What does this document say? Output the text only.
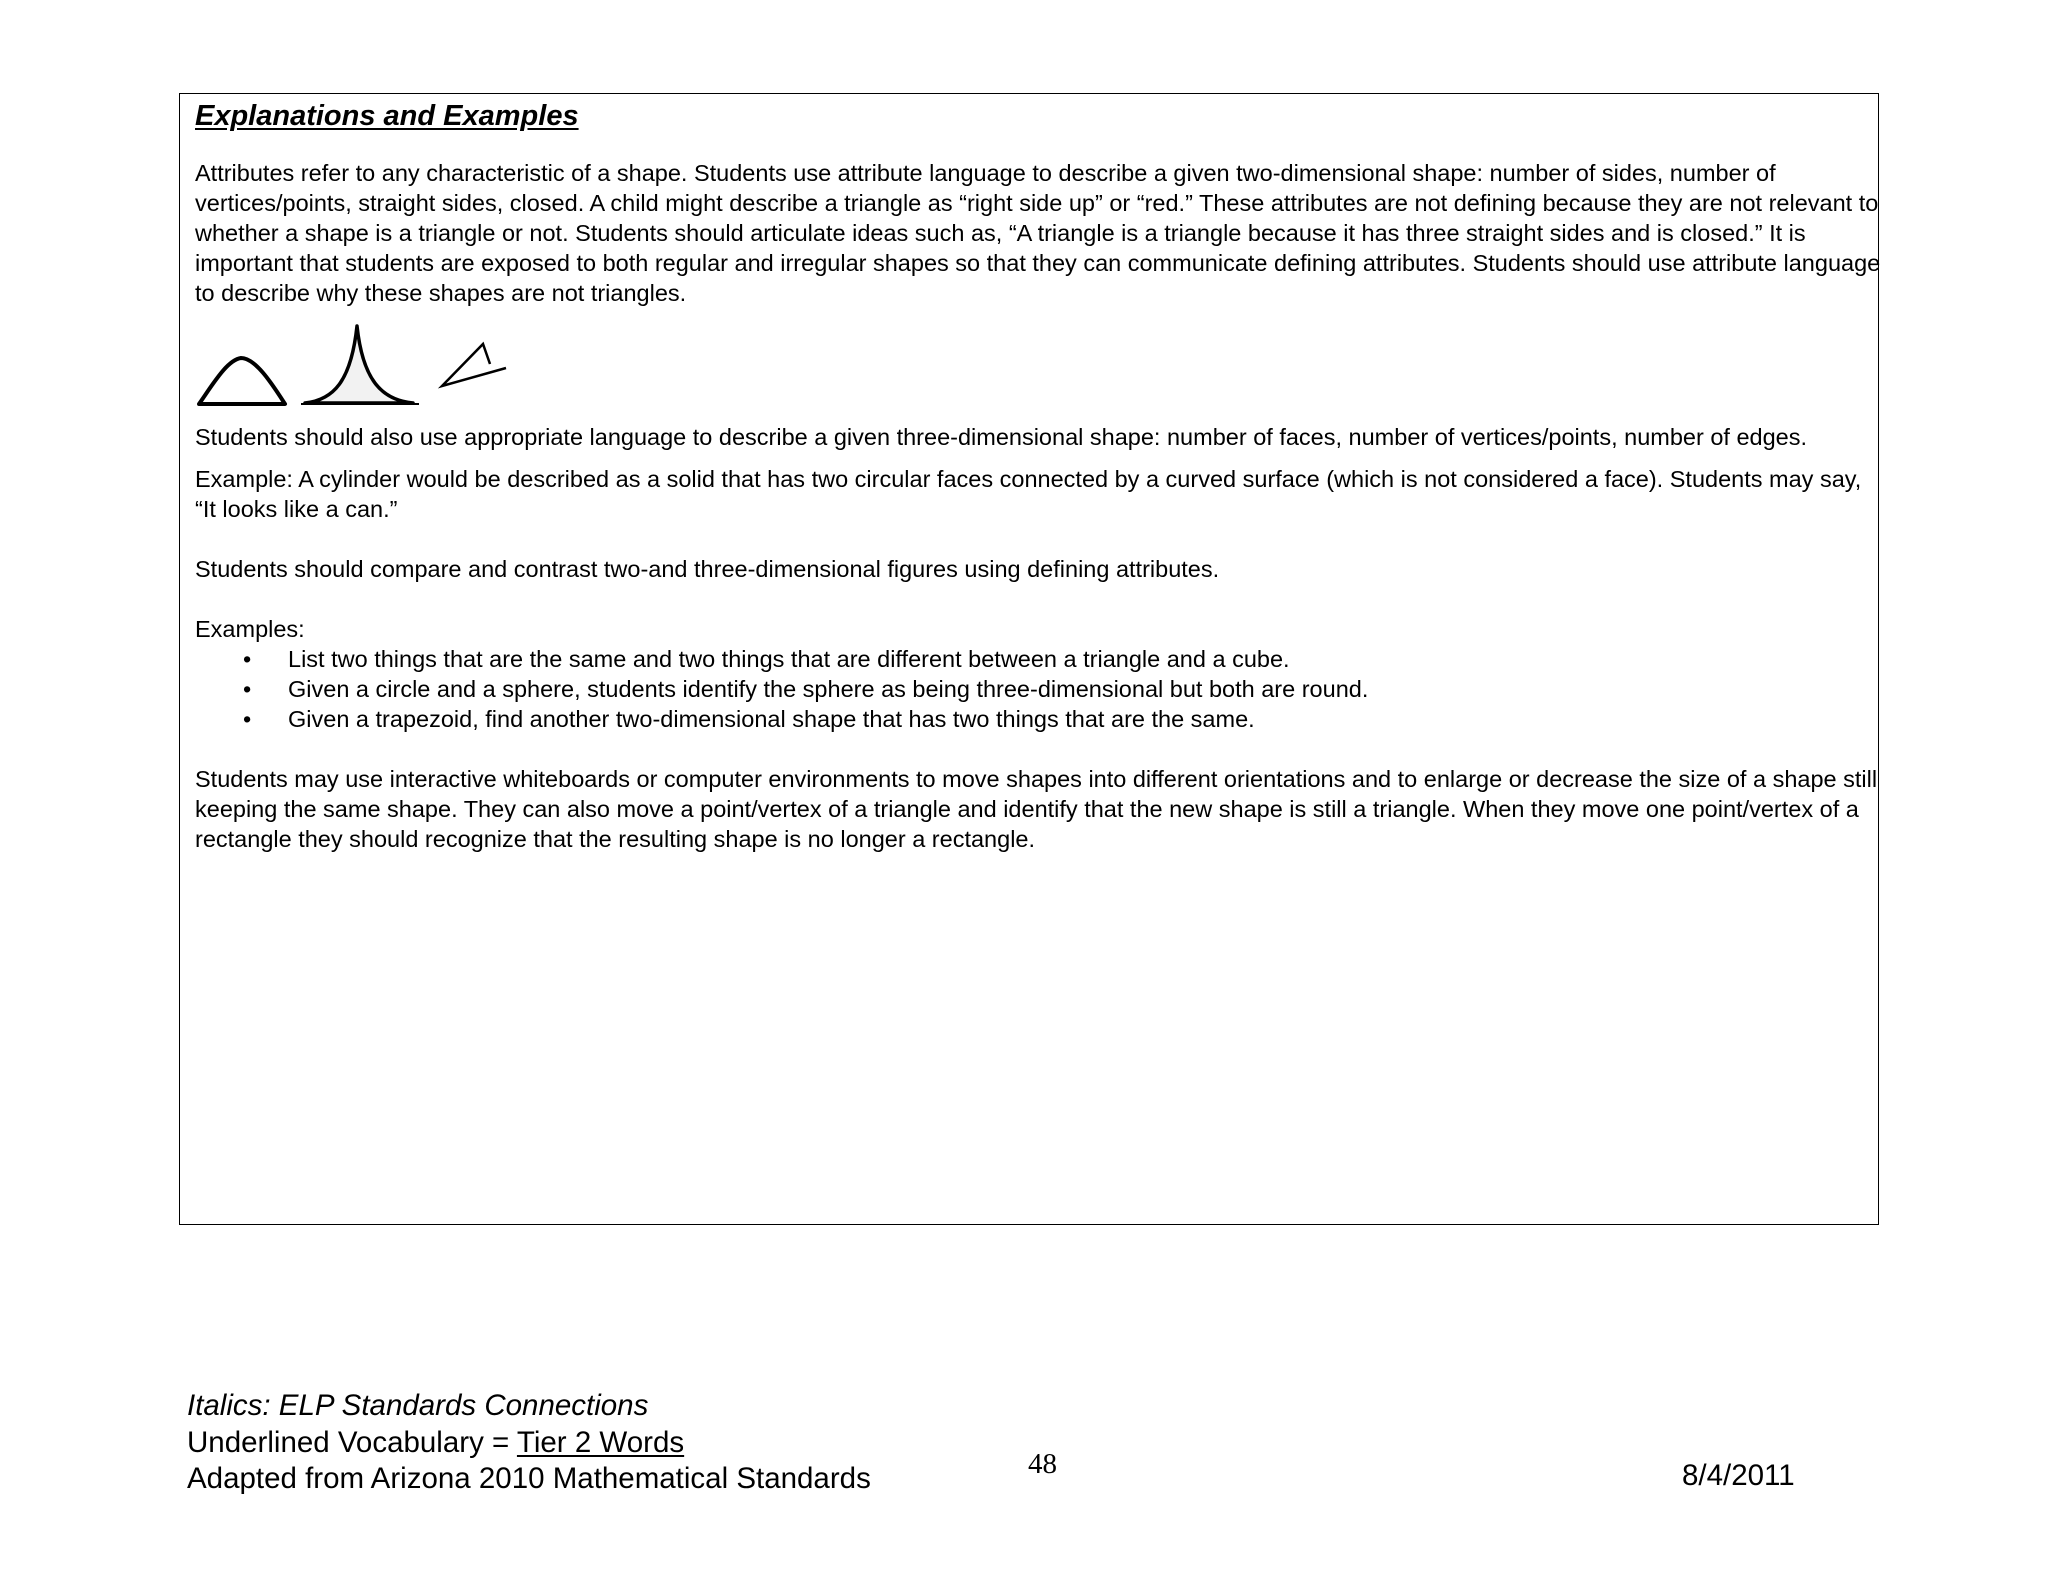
Explanations and Examples

Attributes refer to any characteristic of a shape. Students use attribute language to describe a given two-dimensional shape: number of sides, number of vertices/points, straight sides, closed. A child might describe a triangle as “right side up” or “red.” These attributes are not defining because they are not relevant to whether a shape is a triangle or not. Students should articulate ideas such as, “A triangle is a triangle because it has three straight sides and is closed.” It is important that students are exposed to both regular and irregular shapes so that they can communicate defining attributes. Students should use attribute language to describe why these shapes are not triangles.

Students should also use appropriate language to describe a given three-dimensional shape: number of faces, number of vertices/points, number of edges.

Example: A cylinder would be described as a solid that has two circular faces connected by a curved surface (which is not considered a face). Students may say, “It looks like a can.”

Students should compare and contrast two-and three-dimensional figures using defining attributes.

Examples:

• List two things that are the same and two things that are different between a triangle and a cube.
• Given a circle and a sphere, students identify the sphere as being three-dimensional but both are round.
• Given a trapezoid, find another two-dimensional shape that has two things that are the same.

Students may use interactive whiteboards or computer environments to move shapes into different orientations and to enlarge or decrease the size of a shape still keeping the same shape. They can also move a point/vertex of a triangle and identify that the new shape is still a triangle. When they move one point/vertex of a rectangle they should recognize that the resulting shape is no longer a rectangle.

Italics: ELP Standards Connections
Underlined Vocabulary = Tier 2 Words
Adapted from Arizona 2010 Mathematical Standards	48	8/4/2011
